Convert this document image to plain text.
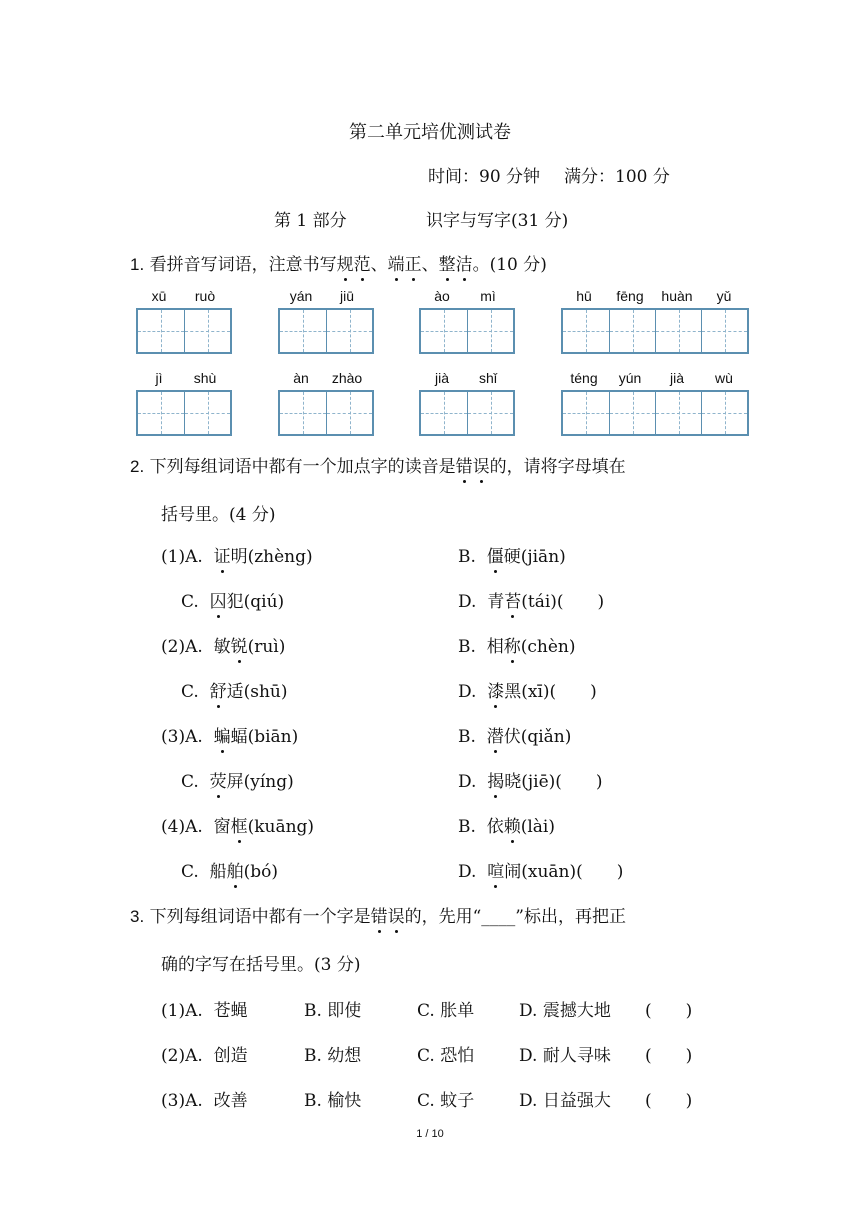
第二单元培优测试卷
时间：90 分钟 满分：100 分
第 1 部分	识字与写字(31 分)
1. 看拼音写词语，注意书写规范、端正、整洁。(10 分)
xū	ruò	yán	jiū	ào	mì	hū	fēng	huàn	yǔ
jì	shù	àn	zhào	jià	shǐ	téng	yún	jià	wù
2. 下列每组词语中都有一个加点字的读音是错误的，请将字母填在
括号里。(4 分)
(1)A. 证明(zhèng)	B. 僵硬(jiān)
C. 囚犯(qiú)	D. 青苔(tái)(　　)
(2)A. 敏锐(ruì)	B. 相称(chèn)
C. 舒适(shū)	D. 漆黑(xī)(　　)
(3)A. 蝙蝠(biān)	B. 潜伏(qiǎn)
C. 荧屏(yíng)	D. 揭晓(jiē)(　　)
(4)A. 窗框(kuāng)	B. 依赖(lài)
C. 船舶(bó)	D. 喧闹(xuān)(　　)
3. 下列每组词语中都有一个字是错误的，先用“____”标出，再把正
确的字写在括号里。(3 分)
(1)A. 苍蝇	B. 即使	C. 胀单	D. 震撼大地 (　　)
(2)A. 创造	B. 幼想	C. 恐怕	D. 耐人寻味 (　　)
(3)A. 改善	B. 榆快	C. 蚊子	D. 日益强大 (　　)
1 / 10
